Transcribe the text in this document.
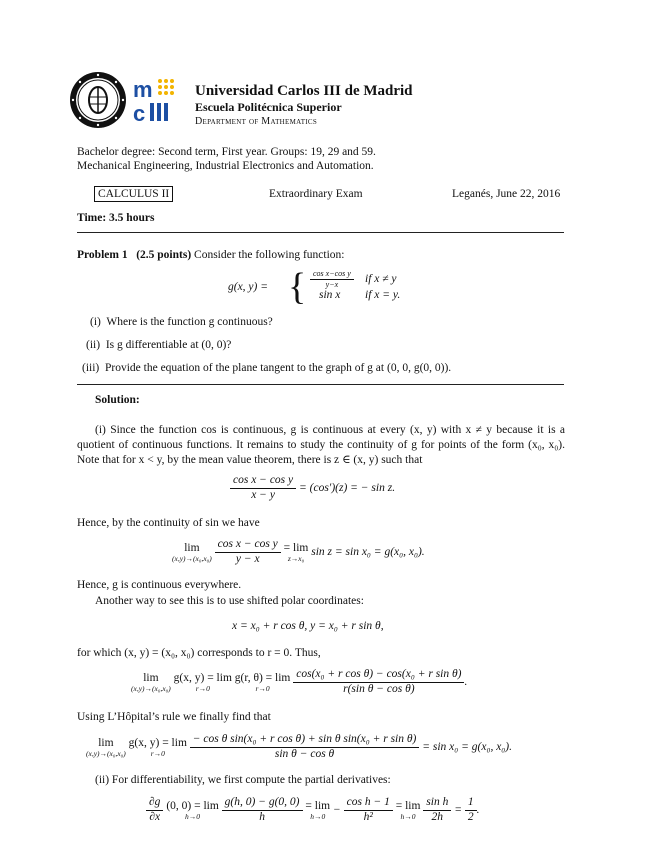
m
c
Universidad Carlos III de Madrid
Escuela Politécnica Superior
Department of Mathematics
Bachelor degree: Second term, First year. Groups: 19, 29 and 59.
Mechanical Engineering, Industrial Electronics and Automation.
CALCULUS II	Extraordinary Exam	Leganés, June 22, 2016
Time: 3.5 hours
Problem 1 (2.5 points) Consider the following function:
g(x, y) = { $\frac{\text{cos x−cos y}}{y-x}$ if x ≠ y
sin x if x = y.
(i) Where is the function g continuous?
(ii) Is g differentiable at (0, 0)?
(iii) Provide the equation of the plane tangent to the graph of g at (0, 0, g(0, 0)).
Solution:

(i) Since the function cos is continuous, g is continuous at every (x, y) with x ≠ y because it is a quotient of continuous functions. It remains to study the continuity of g for points of the form (x₀, x₀). Note that for x < y, by the mean value theorem, there is z ∈ (x, y) such that

$\frac{\text{cos x − cos y}}{x - y} = (\cos')(z)$ = − sin z.
Hence, by the continuity of sin we have
lim
(x,y)→(x₀,x₀)
$\frac{\text{cos x − cos y}}{y - x}$
= lim
z→x₀
sin z = sin x₀ = g(x₀, x₀).
Hence, g is continuous everywhere.
Another way to see this is to use shifted polar coordinates:
x = x₀ + r cos θ, y = x₀ + r sin θ,
for which (x, y) = (x₀, x₀) corresponds to r = 0. Thus,
lim
(x,y)→(x₀,x₀)

g(x, y) = lim
r→0

g(r, θ) = lim
r→0
	$\frac{\text{cos(x₀ + r cos θ) − cos(x₀ + r sin θ)}}{\text{r(sin θ − cos θ)}}$ .
Using L’Hôpital’s rule we finally find that
lim
(x,y)→(x₀,x₀)

g(x, y) = lim
r→0
	$\frac{\text{− cos θ sin(x₀ + r cos θ) + sin θ sin(x₀ + r sin θ)}}{\text{sin θ − cos θ}} = \sin x_0 = g(x_0$, x₀).
(ii) For differentiability, we first compute the partial derivatives:
$\frac{\partial g}{\partial x}$
(0, 0) = lim
h→0
	$\frac{g(h, 0) - g(0, 0)}{h}$
= lim
h→0
− $\frac{\text{cos h − 1}}{\text{h²}}$
= lim
h→0
$\frac{\text{sin h}}{2h} = \frac{1}{2}$ .
